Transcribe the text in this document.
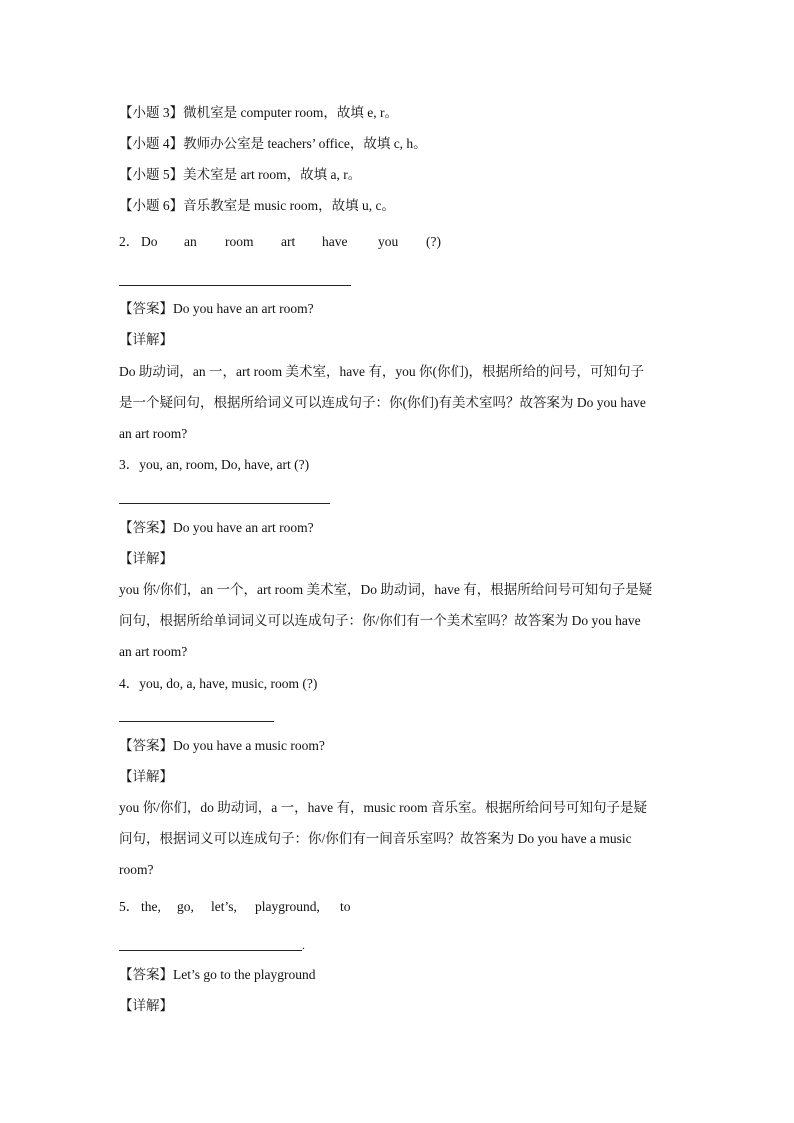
【小题 3】微机室是 computer room，故填 e, r。
【小题 4】教师办公室是 teachers’ office，故填 c, h。
【小题 5】美术室是 art room，故填 a, r。
【小题 6】音乐教室是 music room，故填 u, c。
2． Do	an	room	art	have	you	(?)
【答案】Do you have an art room?
【详解】
Do 助动词，an 一，art room 美术室，have 有，you 你(你们)，根据所给的问号，可知句子
是一个疑问句，根据所给词义可以连成句子：你(你们)有美术室吗？故答案为 Do you have
an art room?
3．you, an, room, Do, have, art (?)
【答案】Do you have an art room?
【详解】
you 你/你们，an 一个，art room 美术室，Do 助动词，have 有，根据所给问号可知句子是疑
问句，根据所给单词词义可以连成句子：你/你们有一个美术室吗？故答案为 Do you have
an art room?
4．you, do, a, have, music, room (?)
【答案】Do you have a music room?
【详解】
you 你/你们，do 助动词，a 一，have 有，music room 音乐室。根据所给问号可知句子是疑
问句，根据词义可以连成句子：你/你们有一间音乐室吗？故答案为 Do you have a music
room?
5． the,	go,	let’s,	playground,	to
.
【答案】Let’s go to the playground
【详解】
